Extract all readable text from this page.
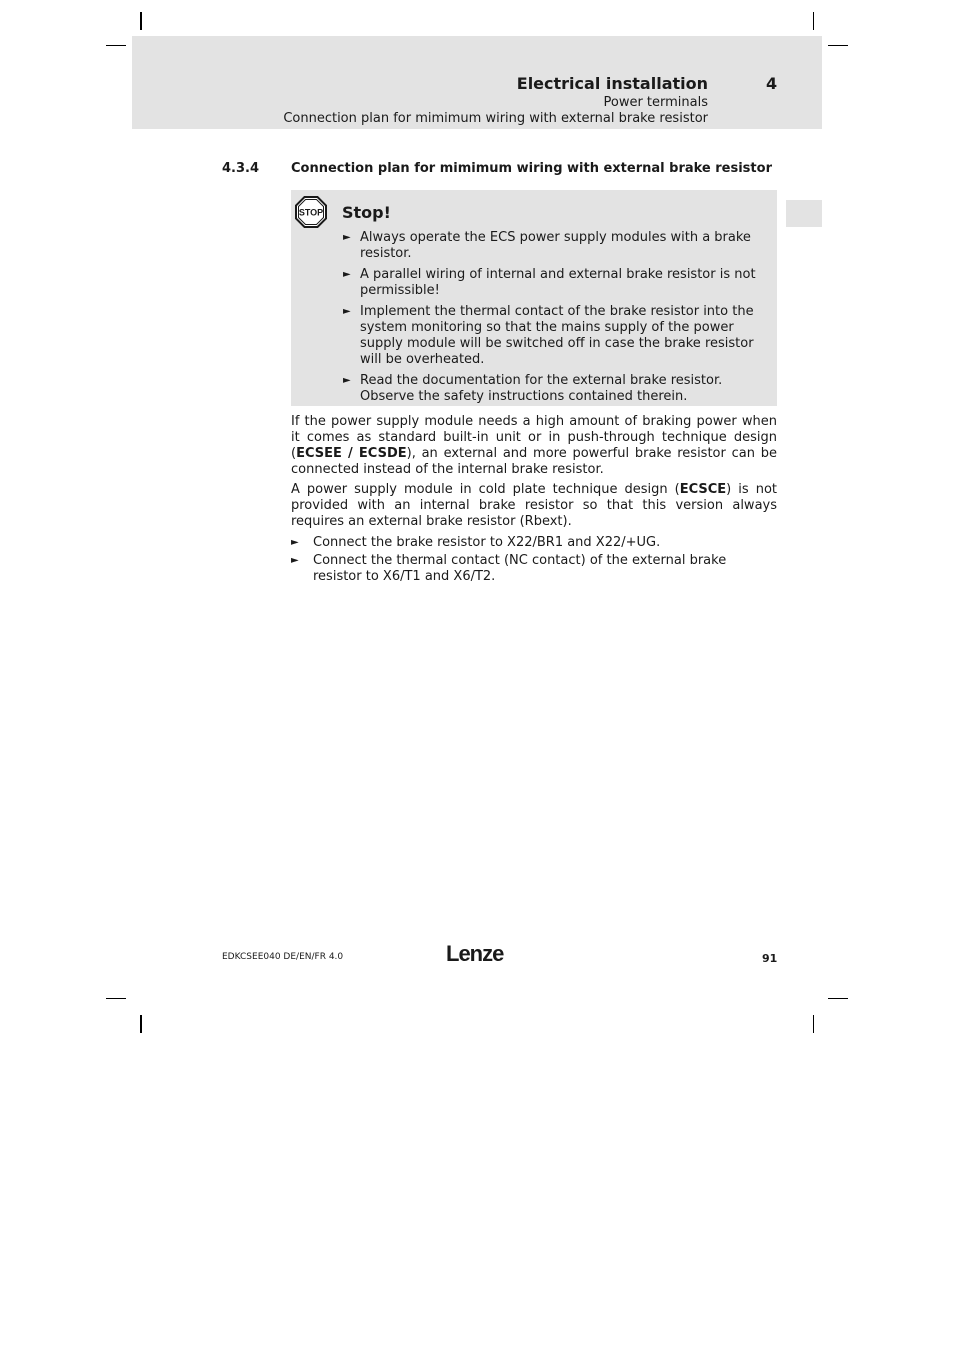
Electrical installation	4
Power terminals
Connection plan for mimimum wiring with external brake resistor
4.3.4 Connection plan for mimimum wiring with external brake resistor
STOP Stop!
► Always operate the ECS power supply modules with a brake resistor.
► A parallel wiring of internal and external brake resistor is not permissible!
► Implement the thermal contact of the brake resistor into the system monitoring so that the mains supply of the power supply module will be switched off in case the brake resistor will be overheated.
► Read the documentation for the external brake resistor. Observe the safety instructions contained therein.

If the power supply module needs a high amount of braking power when it comes as standard built-in unit or in push-through technique design (ECSEE / ECSDE), an external and more powerful brake resistor can be connected instead of the internal brake resistor.

A power supply module in cold plate technique design (ECSCE) is not provided with an internal brake resistor so that this version always requires an external brake resistor (Rbext).

► Connect the brake resistor to X22/BR1 and X22/+UG.
► Connect the thermal contact (NC contact) of the external brake resistor to X6/T1 and X6/T2.
EDKCSEE040 DE/EN/FR 4.0	Lenze	91
